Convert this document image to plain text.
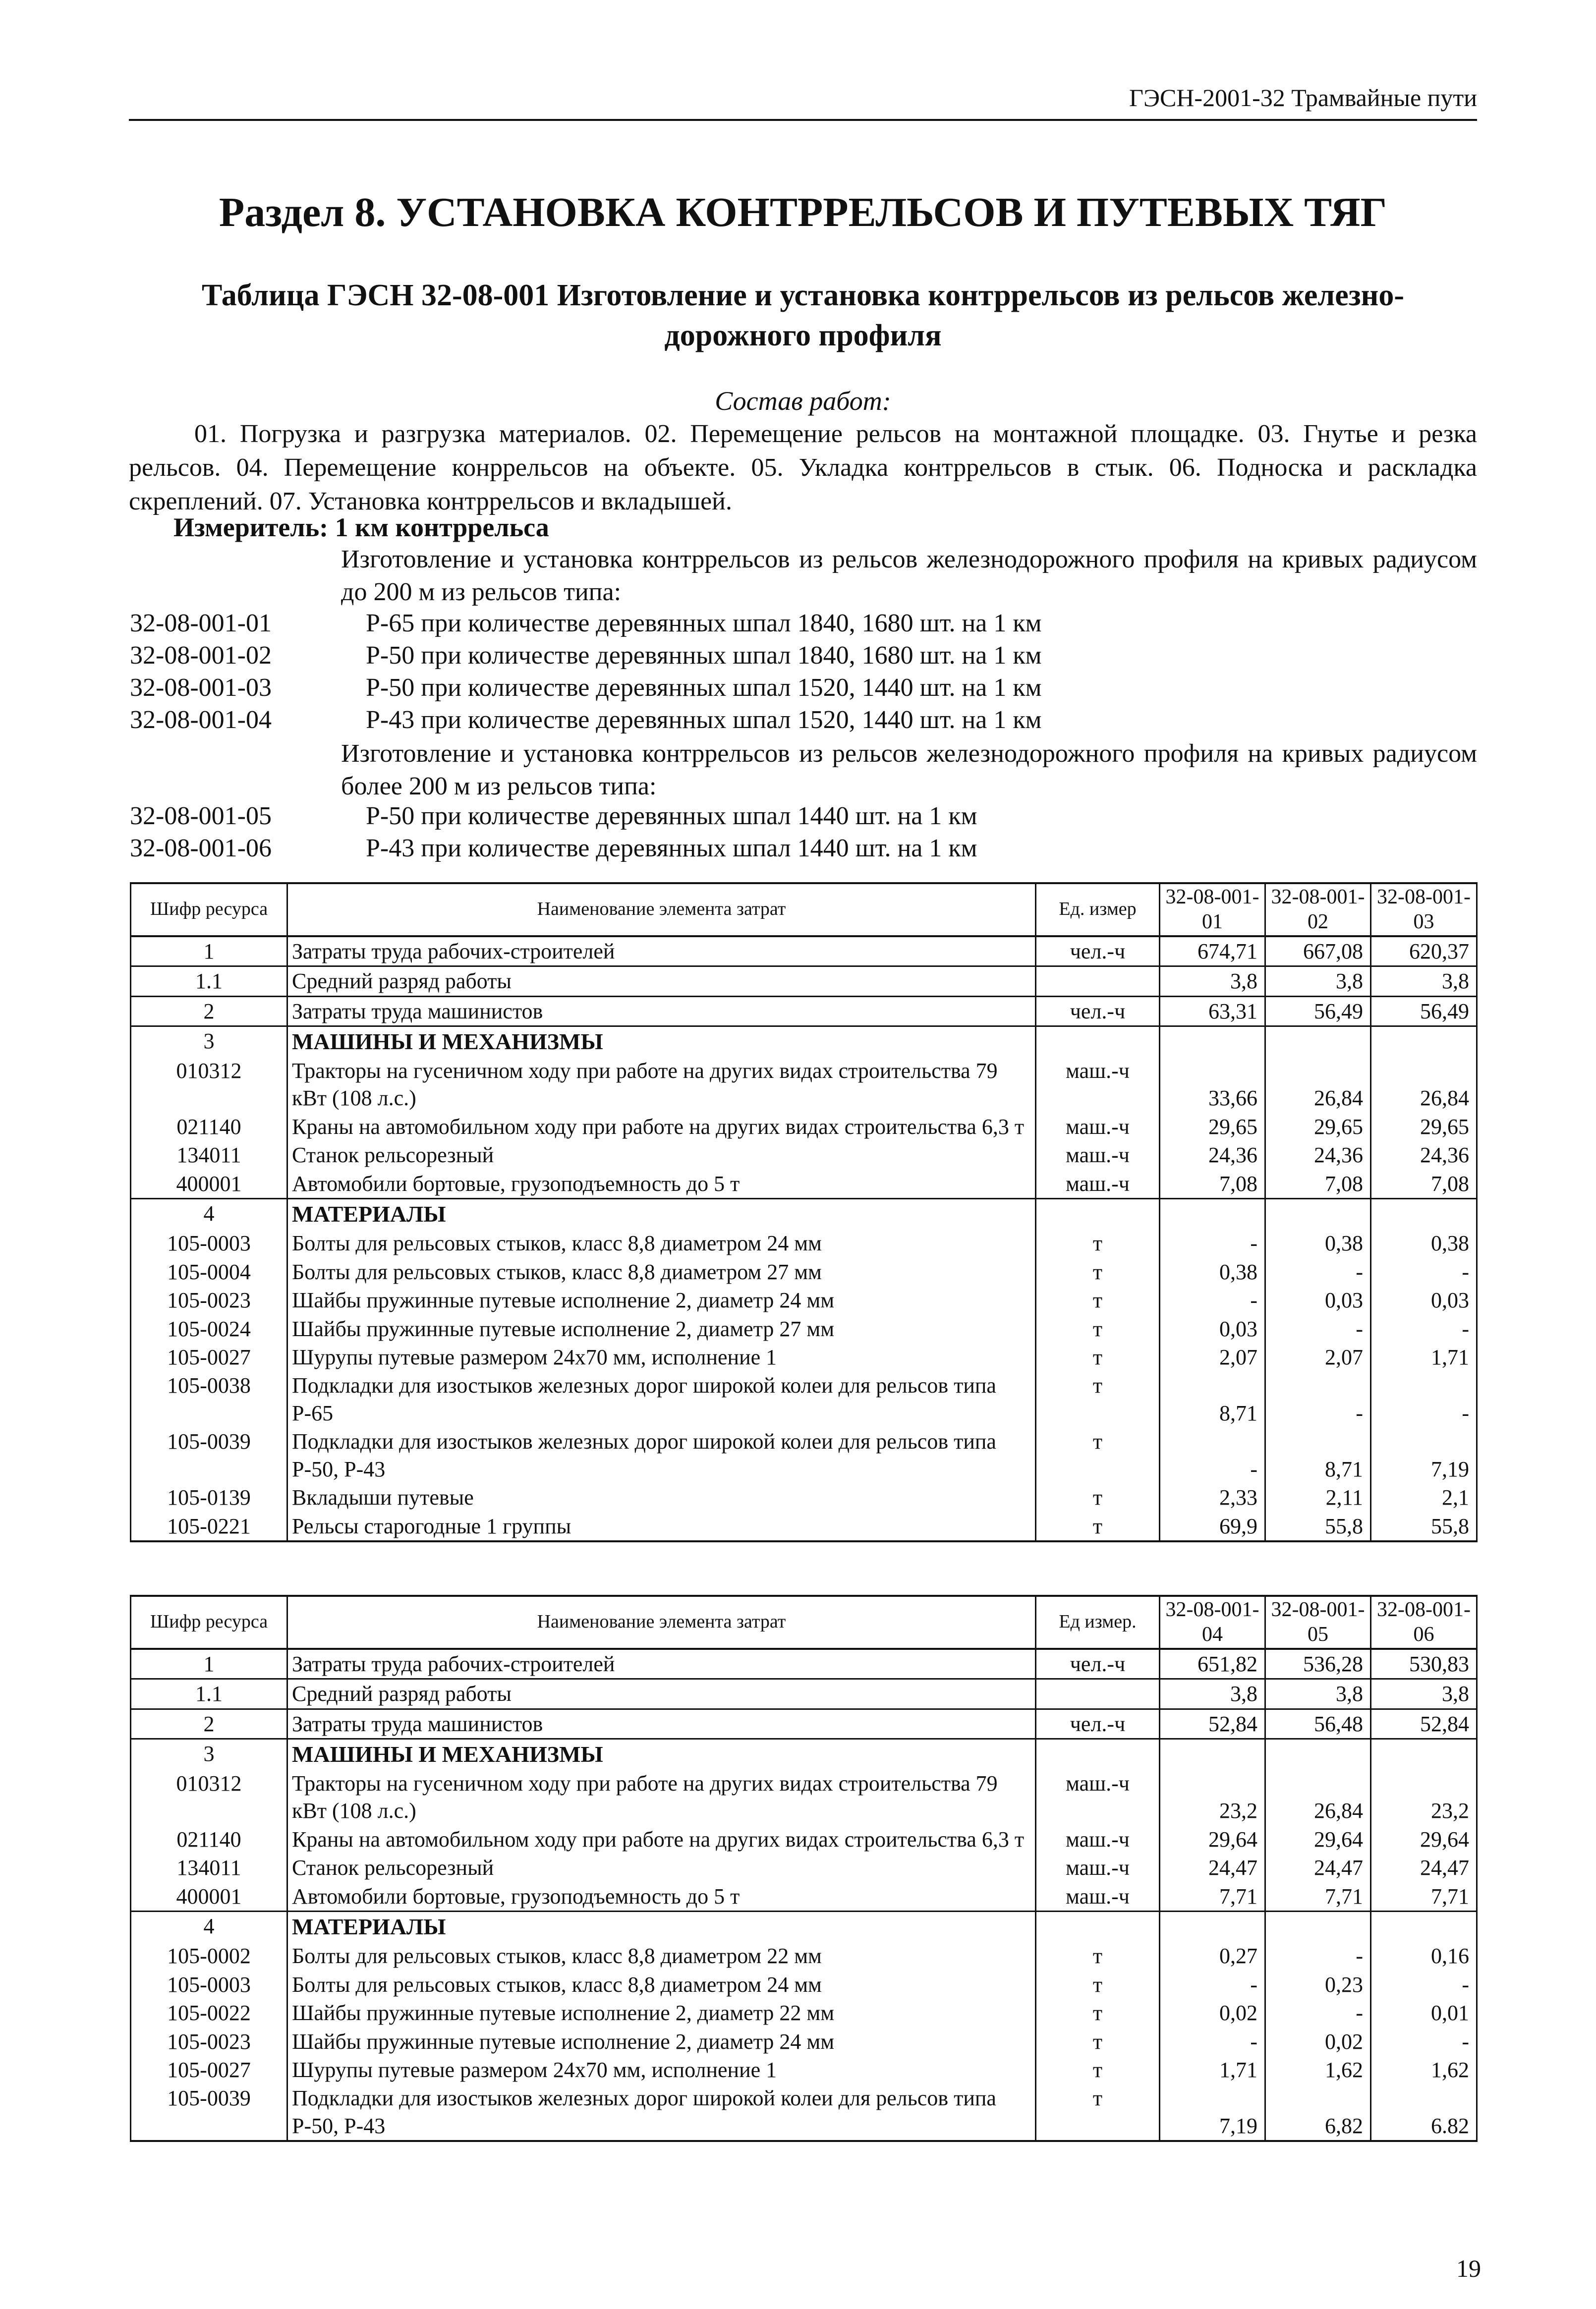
ГЭСН-2001-32 Трамвайные пути
Раздел 8. УСТАНОВКА КОНТРРЕЛЬСОВ И ПУТЕВЫХ ТЯГ
Таблица ГЭСН 32-08-001 Изготовление и установка контррельсов из рельсов железно-
дорожного профиля
Состав работ:
01. Погрузка и разгрузка материалов. 02. Перемещение рельсов на монтажной площадке. 03. Гнутье и резка рельсов. 04. Перемещение конррельсов на объекте. 05. Укладка контррельсов в стык. 06. Подноска и раскладка скреплений. 07. Установка контррельсов и вкладышей.
Измеритель: 1 км контррельса
Изготовление и установка контррельсов из рельсов железнодорожного профиля на кривых радиусом до 200 м из рельсов типа:
32-08-001-01	Р-65 при количестве деревянных шпал 1840, 1680 шт. на 1 км
32-08-001-02	Р-50 при количестве деревянных шпал 1840, 1680 шт. на 1 км
32-08-001-03	Р-50 при количестве деревянных шпал 1520, 1440 шт. на 1 км
32-08-001-04	Р-43 при количестве деревянных шпал 1520, 1440 шт. на 1 км
Изготовление и установка контррельсов из рельсов железнодорожного профиля на кривых радиусом более 200 м из рельсов типа:
32-08-001-05	Р-50 при количестве деревянных шпал 1440 шт. на 1 км
32-08-001-06	Р-43 при количестве деревянных шпал 1440 шт. на 1 км
Шифр ресурса	Наименование элемента затрат	Ед. измер	32-08-001-01	32-08-001-02	32-08-001-03
1	Затраты труда рабочих-строителей	чел.-ч	674,71	667,08	620,37
1.1	Средний разряд работы		3,8	3,8	3,8
2	Затраты труда машинистов	чел.-ч	63,31	56,49	56,49
3	МАШИНЫ И МЕХАНИЗМЫ				
010312	Тракторы на гусеничном ходу при работе на других видах строительства 79 кВт (108 л.с.)	маш.-ч	33,66	26,84	26,84
021140	Краны на автомобильном ходу при работе на других видах строительства 6,3 т	маш.-ч	29,65	29,65	29,65
134011	Станок рельсорезный	маш.-ч	24,36	24,36	24,36
400001	Автомобили бортовые, грузоподъемность до 5 т	маш.-ч	7,08	7,08	7,08
4	МАТЕРИАЛЫ				
105-0003	Болты для рельсовых стыков, класс 8,8 диаметром 24 мм	т	-	0,38	0,38
105-0004	Болты для рельсовых стыков, класс 8,8 диаметром 27 мм	т	0,38	-	-
105-0023	Шайбы пружинные путевые исполнение 2, диаметр 24 мм	т	-	0,03	0,03
105-0024	Шайбы пружинные путевые исполнение 2, диаметр 27 мм	т	0,03	-	-
105-0027	Шурупы путевые размером 24х70 мм, исполнение 1	т	2,07	2,07	1,71
105-0038	Подкладки для изостыков железных дорог широкой колеи для рельсов типа Р-65	т	8,71	-	-
105-0039	Подкладки для изостыков железных дорог широкой колеи для рельсов типа Р-50, Р-43	т	-	8,71	7,19
105-0139	Вкладыши путевые	т	2,33	2,11	2,1
105-0221	Рельсы старогодные 1 группы	т	69,9	55,8	55,8
Шифр ресурса	Наименование элемента затрат	Ед измер.	32-08-001-04	32-08-001-05	32-08-001-06
1	Затраты труда рабочих-строителей	чел.-ч	651,82	536,28	530,83
1.1	Средний разряд работы		3,8	3,8	3,8
2	Затраты труда машинистов	чел.-ч	52,84	56,48	52,84
3	МАШИНЫ И МЕХАНИЗМЫ				
010312	Тракторы на гусеничном ходу при работе на других видах строительства 79 кВт (108 л.с.)	маш.-ч	23,2	26,84	23,2
021140	Краны на автомобильном ходу при работе на других видах строительства 6,3 т	маш.-ч	29,64	29,64	29,64
134011	Станок рельсорезный	маш.-ч	24,47	24,47	24,47
400001	Автомобили бортовые, грузоподъемность до 5 т	маш.-ч	7,71	7,71	7,71
4	МАТЕРИАЛЫ				
105-0002	Болты для рельсовых стыков, класс 8,8 диаметром 22 мм	т	0,27	-	0,16
105-0003	Болты для рельсовых стыков, класс 8,8 диаметром 24 мм	т	-	0,23	-
105-0022	Шайбы пружинные путевые исполнение 2, диаметр 22 мм	т	0,02	-	0,01
105-0023	Шайбы пружинные путевые исполнение 2, диаметр 24 мм	т	-	0,02	-
105-0027	Шурупы путевые размером 24х70 мм, исполнение 1	т	1,71	1,62	1,62
105-0039	Подкладки для изостыков железных дорог широкой колеи для рельсов типа Р-50, Р-43	т	7,19	6,82	6.82
19
